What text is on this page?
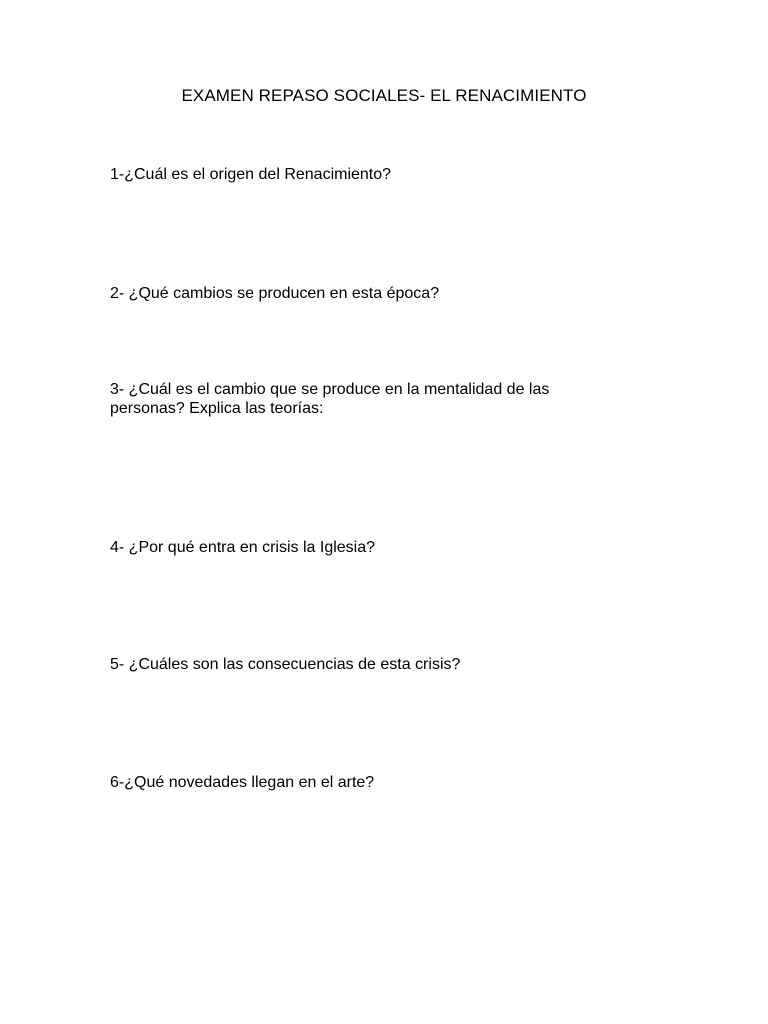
EXAMEN REPASO SOCIALES- EL RENACIMIENTO
1-¿Cuál es el origen del Renacimiento?
2- ¿Qué cambios se producen en esta época?
3- ¿Cuál es el cambio que se produce en la mentalidad de las
personas? Explica las teorías:
4- ¿Por qué entra en crisis la Iglesia?
5- ¿Cuáles son las consecuencias de esta crisis?
6-¿Qué novedades llegan en el arte?
